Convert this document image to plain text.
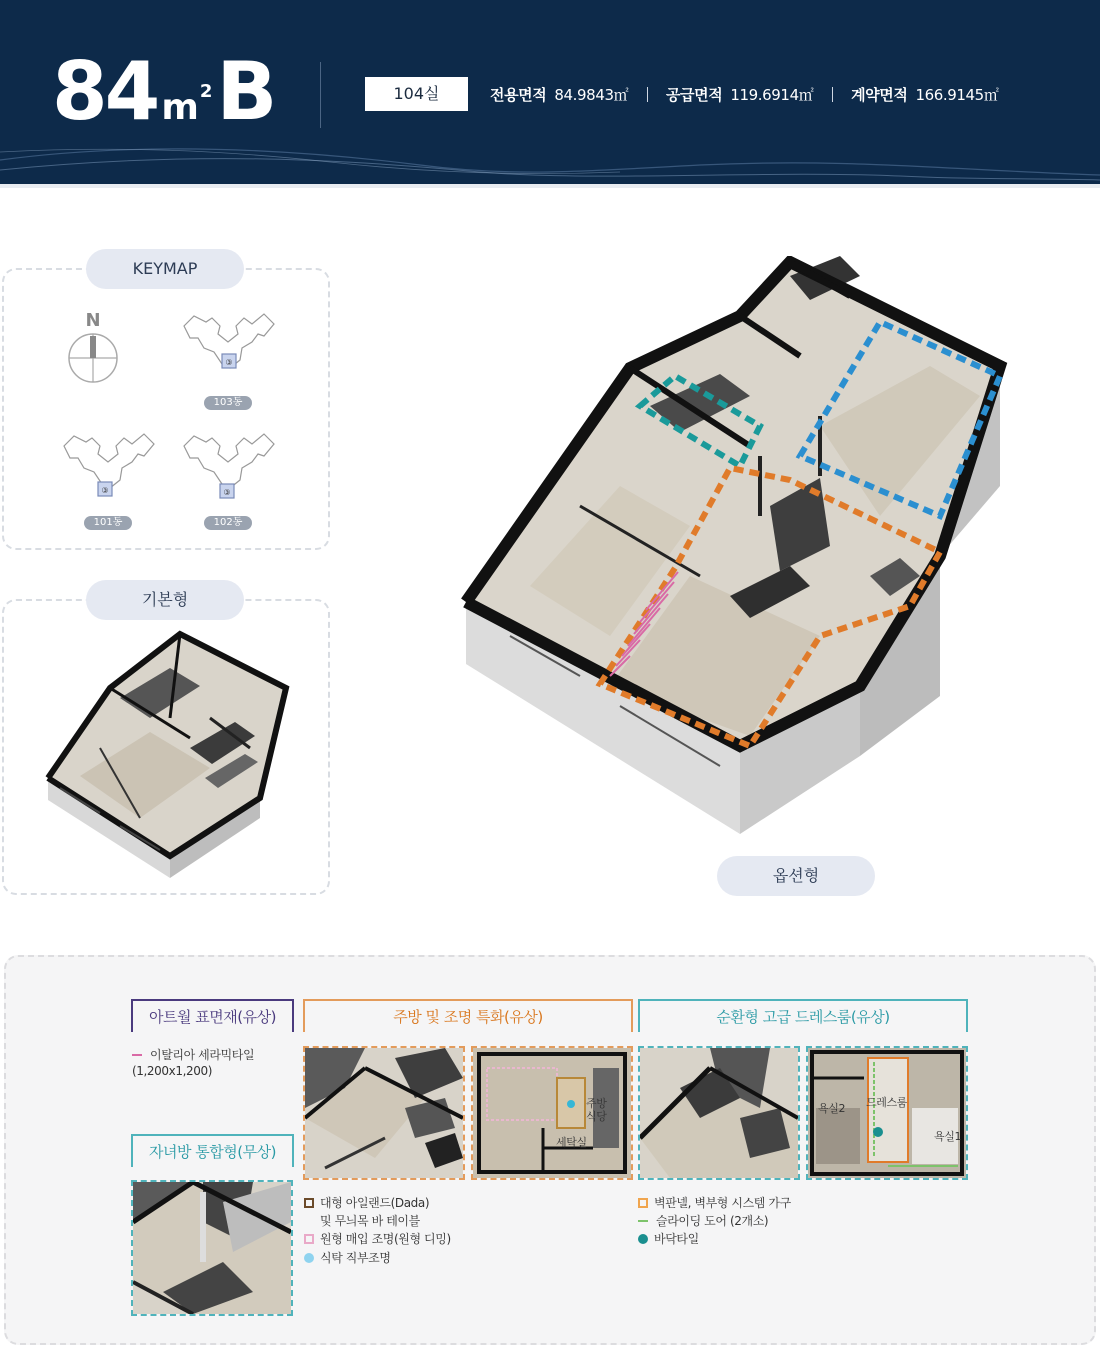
84 $m^2B$	104실	전용면적 84.9843㎡	공급면적 119.6914㎡	계약면적 166.9145㎡
KEYMAP
N
③
103동
③
101동
③
102동
기본형
옵션형
아트월 표면재(유상)
이탈리아 세라믹타일
(1,200x1,200)
자녀방 통합형(무상)
주방 및 조명 특화(유상)
주방
식당
세탁실
대형 아일랜드(Dada)
및 무늬목 바 테이블
원형 매입 조명(원형 디밍)
식탁 직부조명
순환형 고급 드레스룸(유상)
욕실2 드레스룸
욕실1
벽판넬, 벽부형 시스템 가구
슬라이딩 도어 (2개소)
바닥타일
